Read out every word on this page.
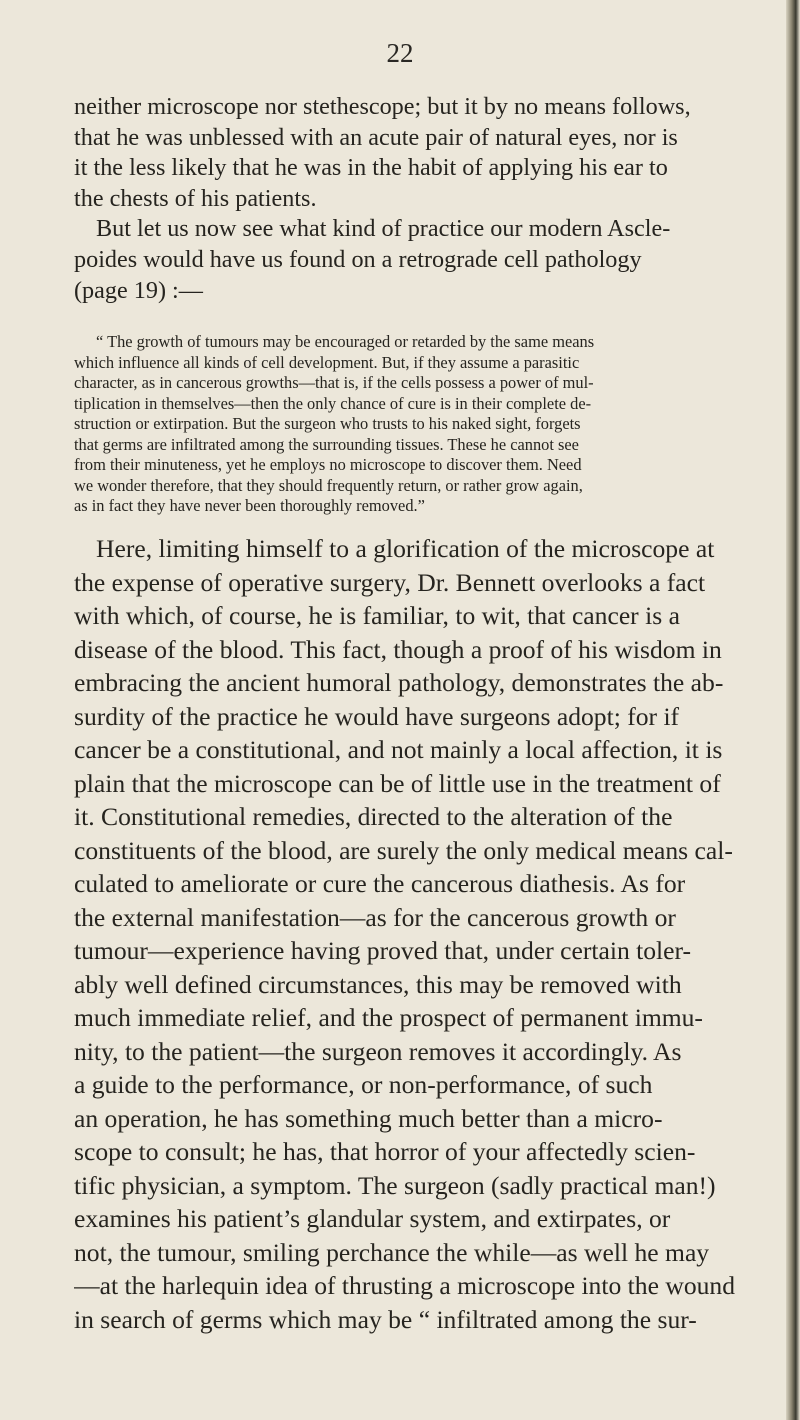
22
neither microscope nor stethescope; but it by no means follows,
that he was unblessed with an acute pair of natural eyes, nor is
it the less likely that he was in the habit of applying his ear to
the chests of his patients.
But let us now see what kind of practice our modern Ascle-
poides would have us found on a retrograde cell pathology
(page 19) :—
“ The growth of tumours may be encouraged or retarded by the same means
which influence all kinds of cell development. But, if they assume a parasitic
character, as in cancerous growths—that is, if the cells possess a power of mul-
tiplication in themselves—then the only chance of cure is in their complete de-
struction or extirpation. But the surgeon who trusts to his naked sight, forgets
that germs are infiltrated among the surrounding tissues. These he cannot see
from their minuteness, yet he employs no microscope to discover them. Need
we wonder therefore, that they should frequently return, or rather grow again,
as in fact they have never been thoroughly removed.”
Here, limiting himself to a glorification of the microscope at
the expense of operative surgery, Dr. Bennett overlooks a fact
with which, of course, he is familiar, to wit, that cancer is a
disease of the blood. This fact, though a proof of his wisdom in
embracing the ancient humoral pathology, demonstrates the ab-
surdity of the practice he would have surgeons adopt; for if
cancer be a constitutional, and not mainly a local affection, it is
plain that the microscope can be of little use in the treatment of
it. Constitutional remedies, directed to the alteration of the
constituents of the blood, are surely the only medical means cal-
culated to ameliorate or cure the cancerous diathesis. As for
the external manifestation—as for the cancerous growth or
tumour—experience having proved that, under certain toler-
ably well defined circumstances, this may be removed with
much immediate relief, and the prospect of permanent immu-
nity, to the patient—the surgeon removes it accordingly. As
a guide to the performance, or non-performance, of such
an operation, he has something much better than a micro-
scope to consult; he has, that horror of your affectedly scien-
tific physician, a symptom. The surgeon (sadly practical man!)
examines his patient’s glandular system, and extirpates, or
not, the tumour, smiling perchance the while—as well he may
—at the harlequin idea of thrusting a microscope into the wound
in search of germs which may be “ infiltrated among the sur-
